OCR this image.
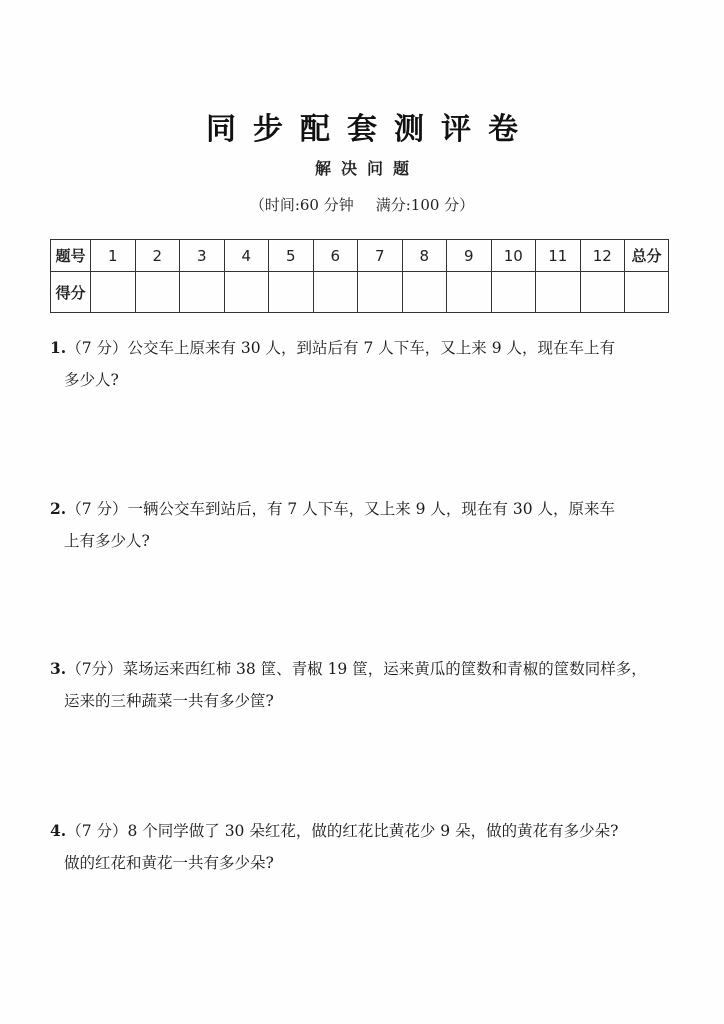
同步配套测评卷
解决问题
（时间:60 分钟 满分:100 分）
题号	1	2	3	4	5	6	7	8	9	10	11	12	总分
得分													
1.（7 分）公交车上原来有 30 人，到站后有 7 人下车，又上来 9 人，现在车上有
多少人?
2.（7 分）一辆公交车到站后，有 7 人下车，又上来 9 人，现在有 30 人，原来车
上有多少人?
3.（7分）菜场运来西红柿 38 筐、青椒 19 筐，运来黄瓜的筐数和青椒的筐数同样多，
运来的三种蔬菜一共有多少筐?
4.（7 分）8 个同学做了 30 朵红花，做的红花比黄花少 9 朵，做的黄花有多少朵?
做的红花和黄花一共有多少朵?
